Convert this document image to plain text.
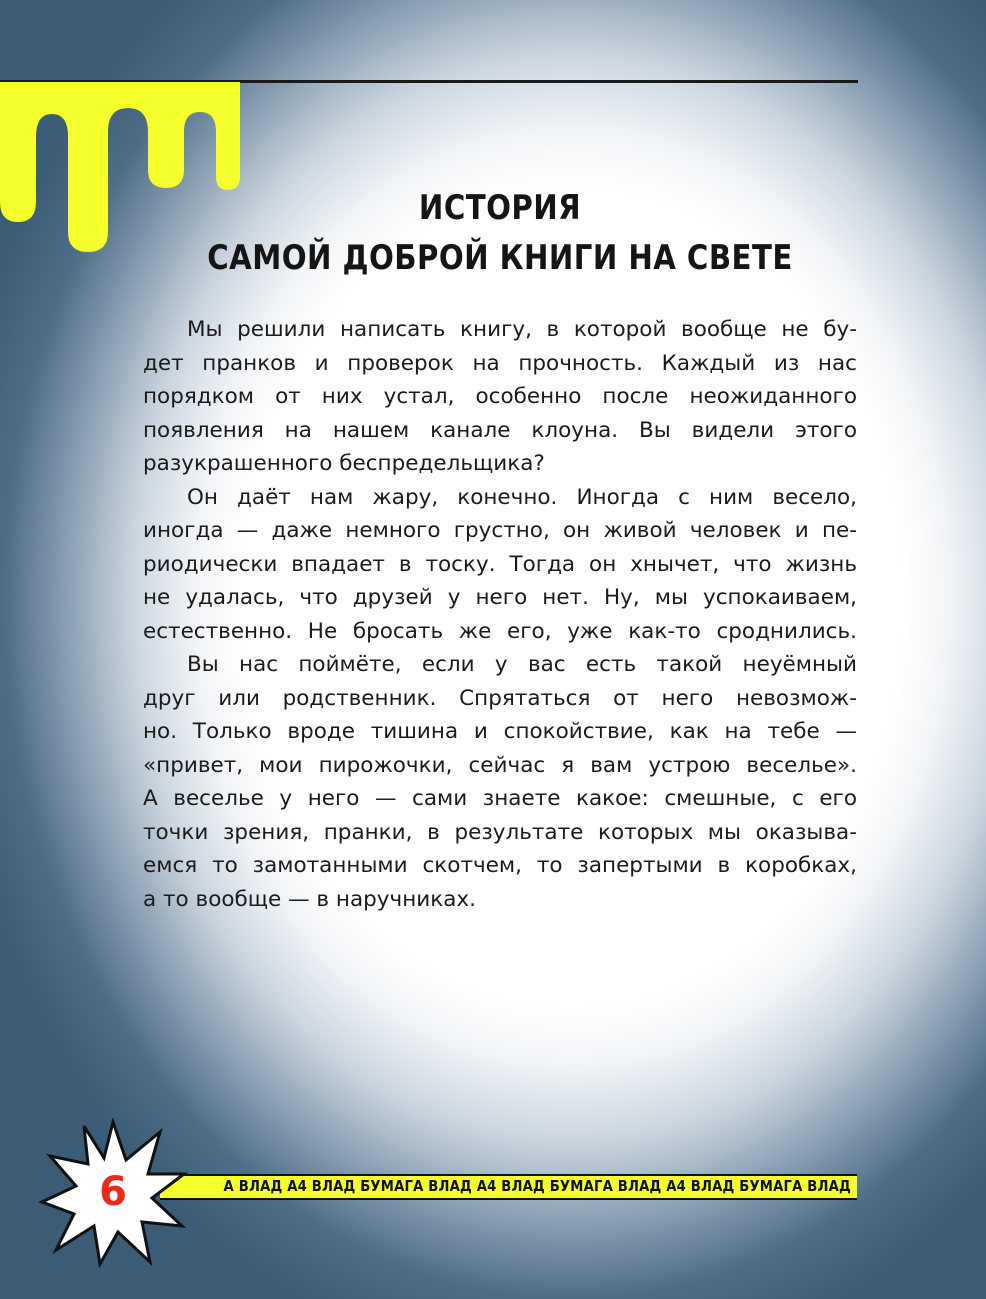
ИСТОРИЯ
САМОЙ ДОБРОЙ КНИГИ НА СВЕТЕ

Мы решили написать книгу, в которой вообще не бу-
дет пранков и проверок на прочность. Каждый из нас
порядком от них устал, особенно после неожиданного
появления на нашем канале клоуна. Вы видели этого
разукрашенного беспредельщика?

Он даёт нам жару, конечно. Иногда с ним весело,
иногда — даже немного грустно, он живой человек и пе-
риодически впадает в тоску. Тогда он хнычет, что жизнь
не удалась, что друзей у него нет. Ну, мы успокаиваем,
естественно. Не бросать же его, уже как-то сроднились.

Вы нас поймёте, если у вас есть такой неуёмный
друг или родственник. Спрятаться от него невозмож-
но. Только вроде тишина и спокойствие, как на тебе —
«привет, мои пирожочки, сейчас я вам устрою веселье».
А веселье у него — сами знаете какое: смешные, с его
точки зрения, пранки, в результате которых мы оказыва-
емся то замотанными скотчем, то запертыми в коробках,
а то вообще — в наручниках.

А ВЛАД А4 ВЛАД БУМАГА ВЛАД А4 ВЛАД БУМАГА ВЛАД А4 ВЛАД БУМАГА ВЛАД
6
